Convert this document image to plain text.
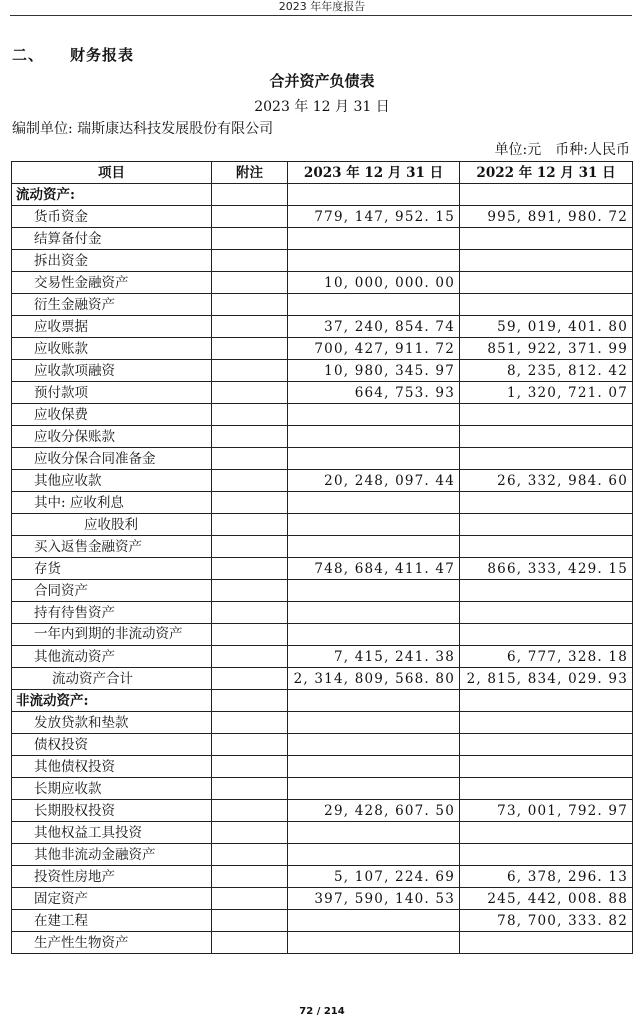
2023 年年度报告
二、 财务报表
合并资产负债表
2023 年 12 月 31 日
编制单位: 瑞斯康达科技发展股份有限公司
单位:元 币种:人民币
项目	附注	2023 年 12 月 31 日	2022 年 12 月 31 日
流动资产:			
货币资金		779, 147, 952. 15	995, 891, 980. 72
结算备付金			
拆出资金			
交易性金融资产		10, 000, 000. 00	
衍生金融资产			
应收票据		37, 240, 854. 74	59, 019, 401. 80
应收账款		700, 427, 911. 72	851, 922, 371. 99
应收款项融资		10, 980, 345. 97	8, 235, 812. 42
预付款项		664, 753. 93	1, 320, 721. 07
应收保费			
应收分保账款			
应收分保合同准备金			
其他应收款		20, 248, 097. 44	26, 332, 984. 60
其中: 应收利息			
应收股利			
买入返售金融资产			
存货		748, 684, 411. 47	866, 333, 429. 15
合同资产			
持有待售资产			
一年内到期的非流动资产			
其他流动资产		7, 415, 241. 38	6, 777, 328. 18
流动资产合计		2, 314, 809, 568. 80	2, 815, 834, 029. 93
非流动资产:			
发放贷款和垫款			
债权投资			
其他债权投资			
长期应收款			
长期股权投资		29, 428, 607. 50	73, 001, 792. 97
其他权益工具投资			
其他非流动金融资产			
投资性房地产		5, 107, 224. 69	6, 378, 296. 13
固定资产		397, 590, 140. 53	245, 442, 008. 88
在建工程			78, 700, 333. 82
生产性生物资产			
72 / 214
